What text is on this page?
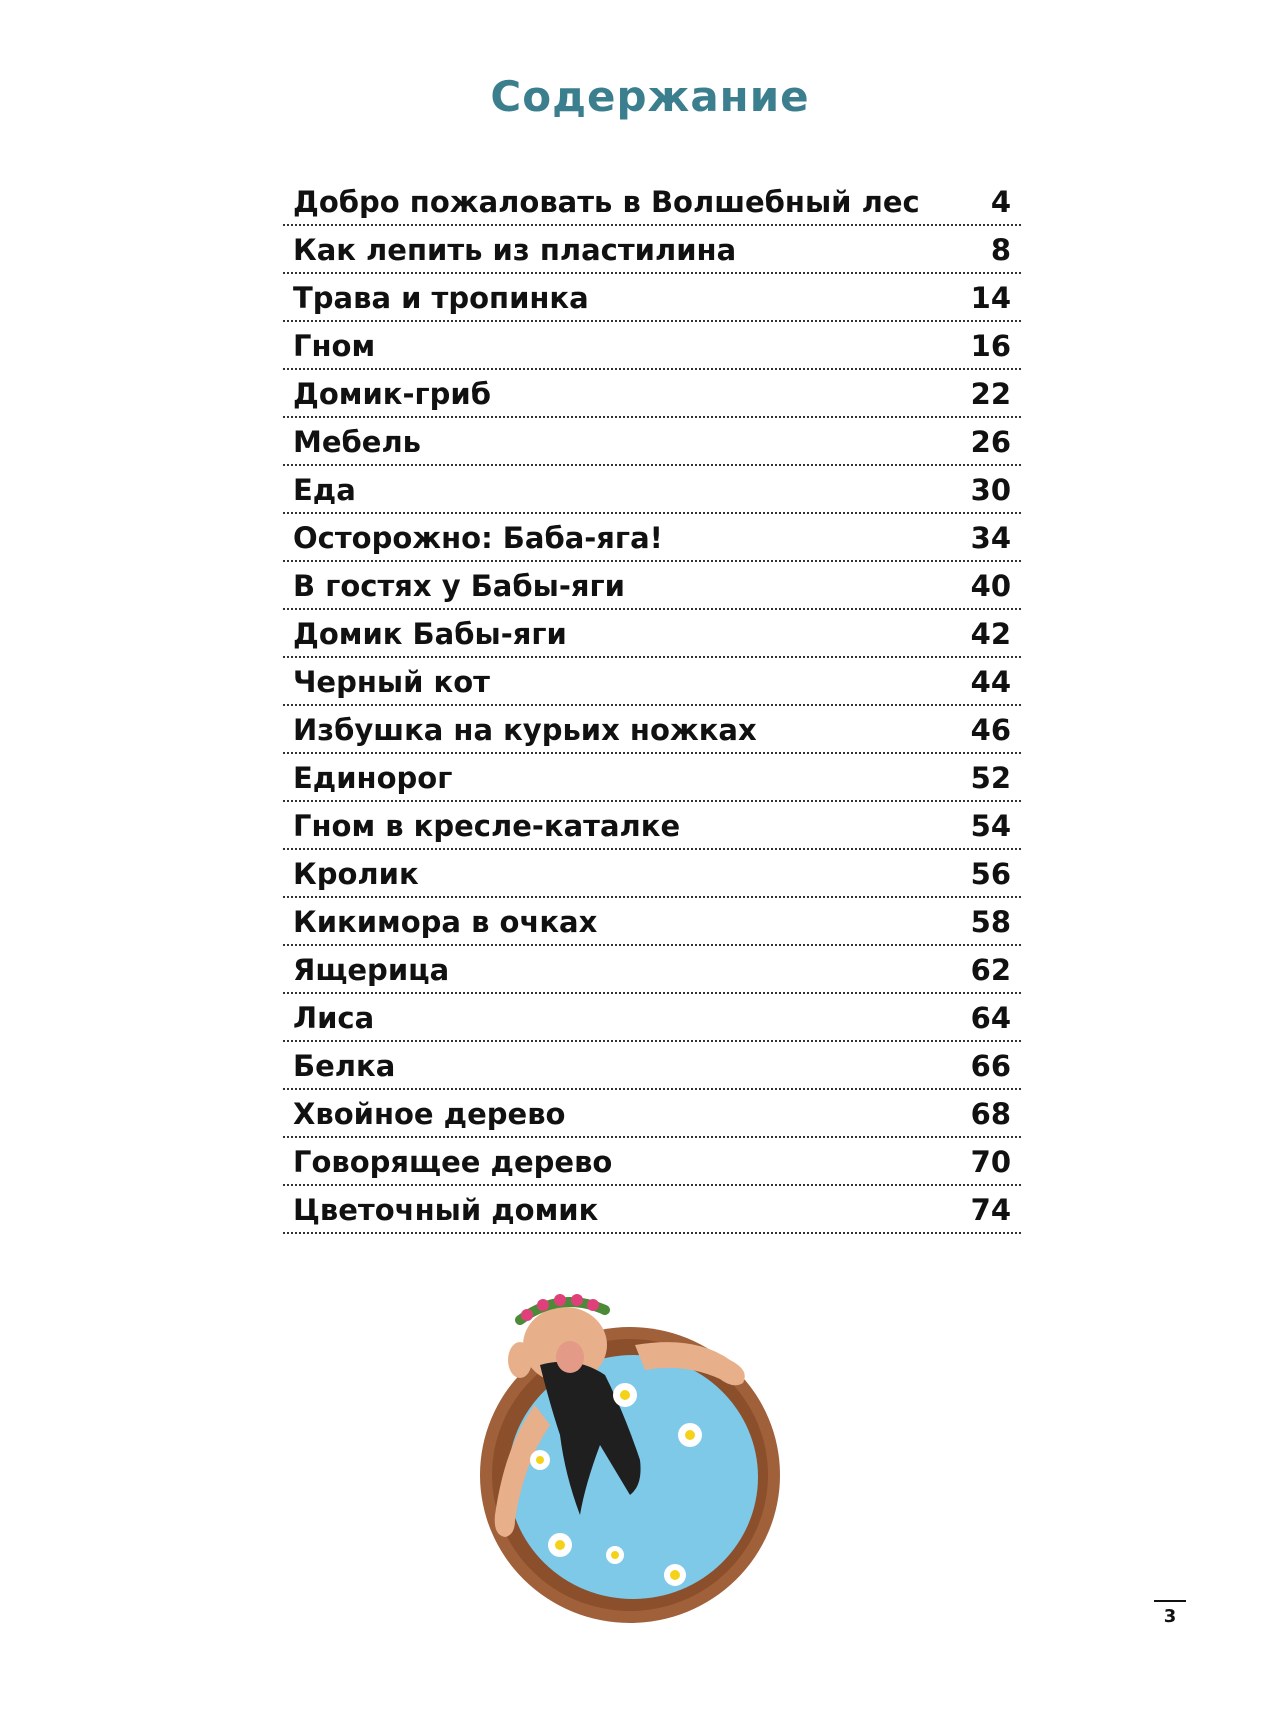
Содержание
Добро пожаловать в Волшебный лес 4
Как лепить из пластилина	8
Трава и тропинка	14
Гном	16
Домик-гриб	22
Мебель	26
Еда	30
Осторожно: Баба-яга!	34
В гостях у Бабы-яги	40
Домик Бабы-яги	42
Черный кот	44
Избушка на курьих ножках	46
Единорог	52
Гном в кресле-каталке	54
Кролик	56
Кикимора в очках	58
Ящерица	62
Лиса	64
Белка	66
Хвойное дерево	68
Говорящее дерево	70
Цветочный домик	74
3
